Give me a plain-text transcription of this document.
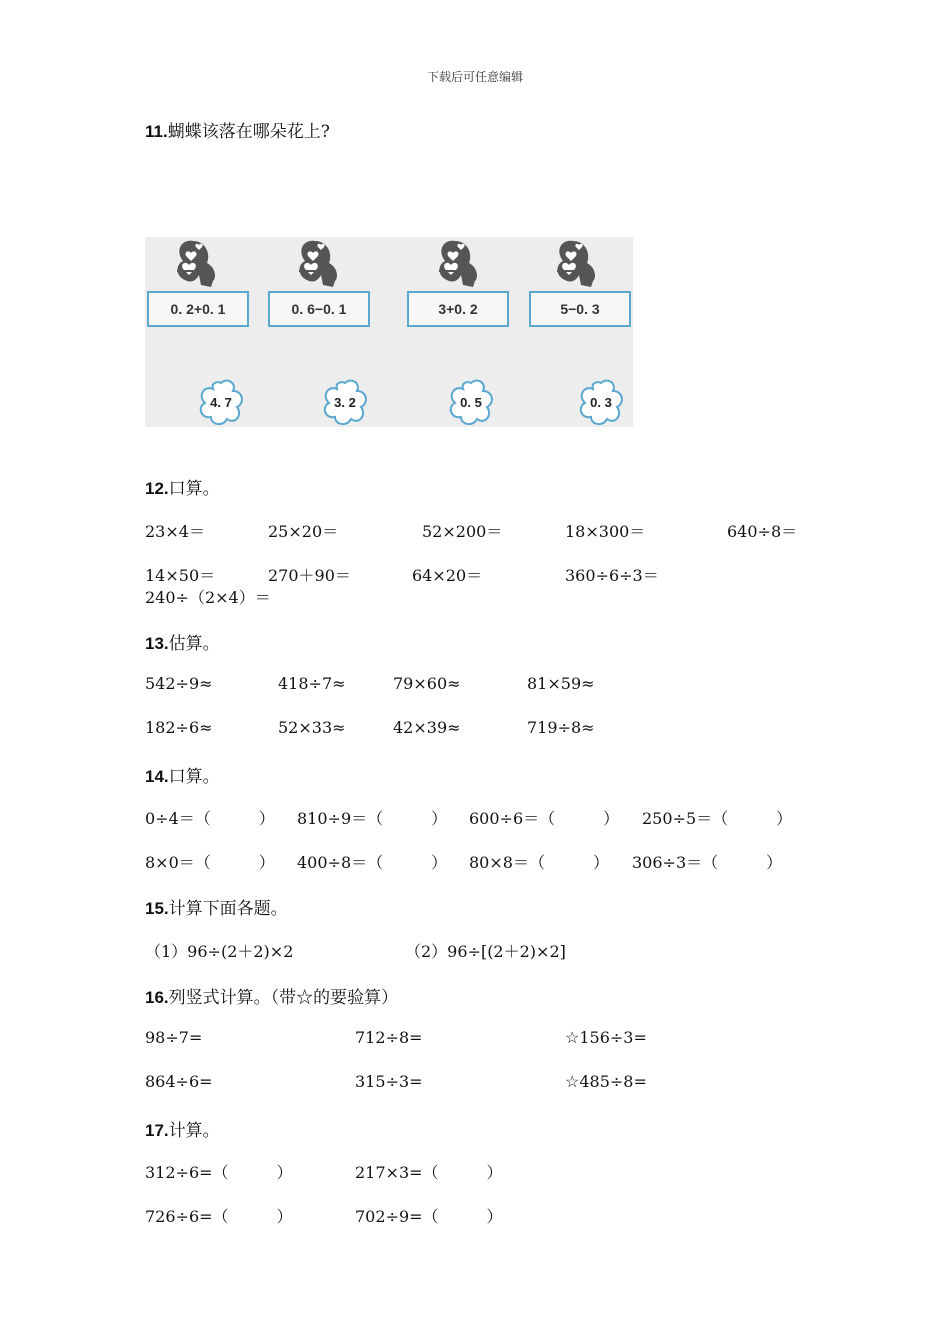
下载后可任意编辑
11.蝴蝶该落在哪朵花上?
0. 2+0. 1	0. 6−0. 1	3+0. 2	5−0. 3
4. 7	3. 2	0. 5	0. 3
12.口算。
23×4＝	25×20＝	52×200＝	18×300＝	640÷8＝
14×50＝	270＋90＝	64×20＝	360÷6÷3＝
240÷（2×4）＝
13.估算。
542÷9≈	418÷7≈	79×60≈	81×59≈
182÷6≈	52×33≈	42×39≈	719÷8≈
14.口算。
0÷4＝（　　　） 810÷9＝（　　　） 600÷6＝（　　　） 250÷5＝（　　　）
8×0＝（　　　） 400÷8＝（　　　） 80×8＝（　　　） 306÷3＝（　　　）
15.计算下面各题。
（1）96÷(2＋2)×2	（2）96÷[(2＋2)×2]
16.列竖式计算。（带☆的要验算）
98÷7=	712÷8=	☆156÷3=
864÷6=	315÷3=	☆485÷8=
17.计算。
312÷6=（　　　）	217×3=（　　　）
726÷6=（　　　）	702÷9=（　　　）
